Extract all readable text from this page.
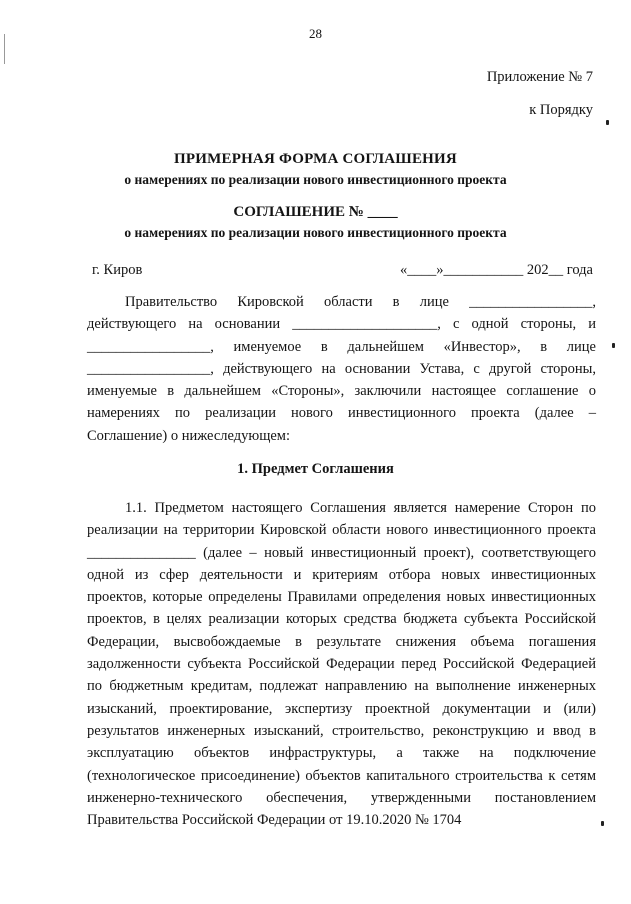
28
Приложение № 7
к Порядку
ПРИМЕРНАЯ ФОРМА СОГЛАШЕНИЯ
о намерениях по реализации нового инвестиционного проекта
СОГЛАШЕНИЕ № ____
о намерениях по реализации нового инвестиционного проекта
г. Киров	«____»___________ 202__ года

Правительство Кировской области в лице _________________, действующего на основании ____________________, с одной стороны, и _________________, именуемое в дальнейшем «Инвестор», в лице _________________, действующего на основании Устава, с другой стороны, именуемые в дальнейшем «Стороны», заключили настоящее соглашение о намерениях по реализации нового инвестиционного проекта (далее – Соглашение) о нижеследующем:

1. Предмет Соглашения

1.1. Предметом настоящего Соглашения является намерение Сторон по реализации на территории Кировской области нового инвестиционного проекта _______________ (далее – новый инвестиционный проект), соответствующего одной из сфер деятельности и критериям отбора новых инвестиционных проектов, которые определены Правилами определения новых инвестиционных проектов, в целях реализации которых средства бюджета субъекта Российской Федерации, высвобождаемые в результате снижения объема погашения задолженности субъекта Российской Федерации перед Российской Федерацией по бюджетным кредитам, подлежат направлению на выполнение инженерных изысканий, проектирование, экспертизу проектной документации и (или) результатов инженерных изысканий, строительство, реконструкцию и ввод в эксплуатацию объектов инфраструктуры, а также на подключение (технологическое присоединение) объектов капитального строительства к сетям инженерно-технического обеспечения, утвержденными постановлением Правительства Российской Федерации от 19.10.2020 № 1704
